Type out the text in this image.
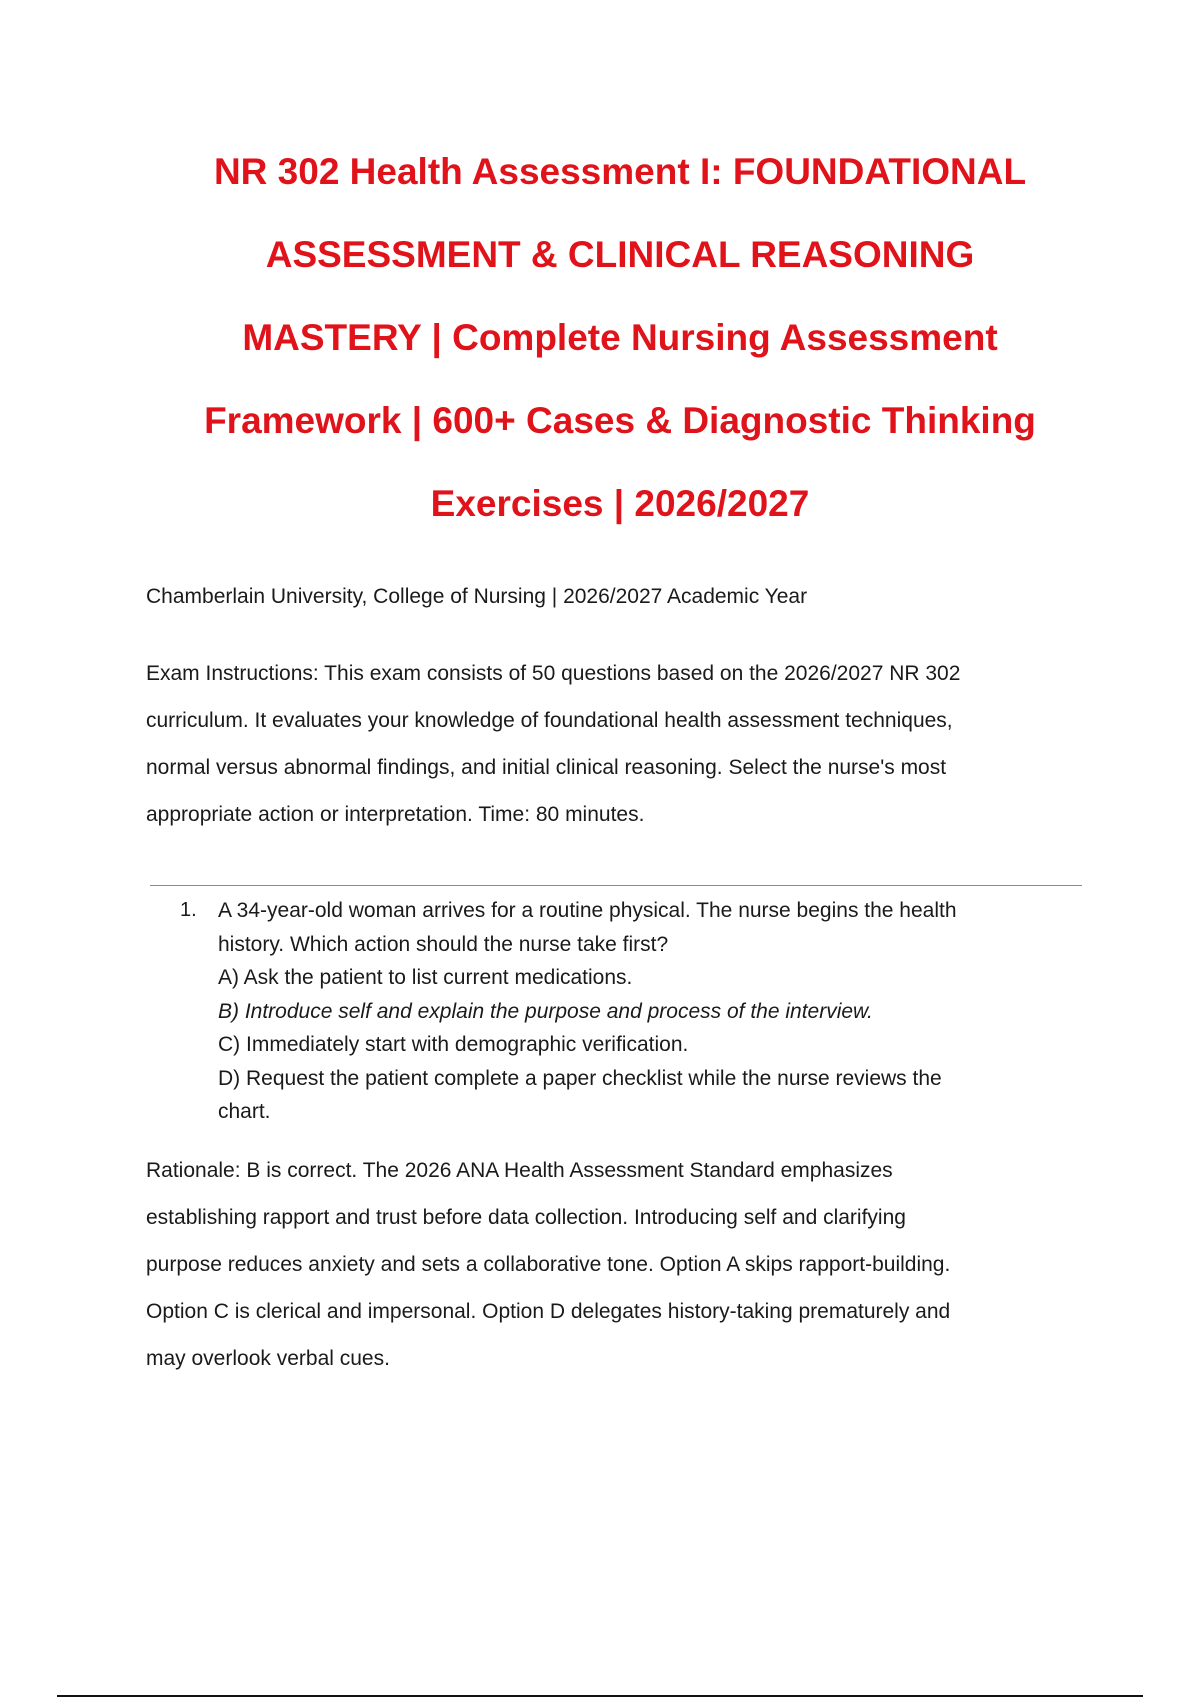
NR 302 Health Assessment I: FOUNDATIONAL
ASSESSMENT & CLINICAL REASONING
MASTERY | Complete Nursing Assessment
Framework | 600+ Cases & Diagnostic Thinking
Exercises | 2026/2027
Chamberlain University, College of Nursing | 2026/2027 Academic Year
Exam Instructions: This exam consists of 50 questions based on the 2026/2027 NR 302
curriculum. It evaluates your knowledge of foundational health assessment techniques,
normal versus abnormal findings, and initial clinical reasoning. Select the nurse's most
appropriate action or interpretation. Time: 80 minutes.
1. A 34-year-old woman arrives for a routine physical. The nurse begins the health
history. Which action should the nurse take first?
A) Ask the patient to list current medications.
B) Introduce self and explain the purpose and process of the interview.
C) Immediately start with demographic verification.
D) Request the patient complete a paper checklist while the nurse reviews the
chart.
Rationale: B is correct. The 2026 ANA Health Assessment Standard emphasizes
establishing rapport and trust before data collection. Introducing self and clarifying
purpose reduces anxiety and sets a collaborative tone. Option A skips rapport-building.
Option C is clerical and impersonal. Option D delegates history-taking prematurely and
may overlook verbal cues.
